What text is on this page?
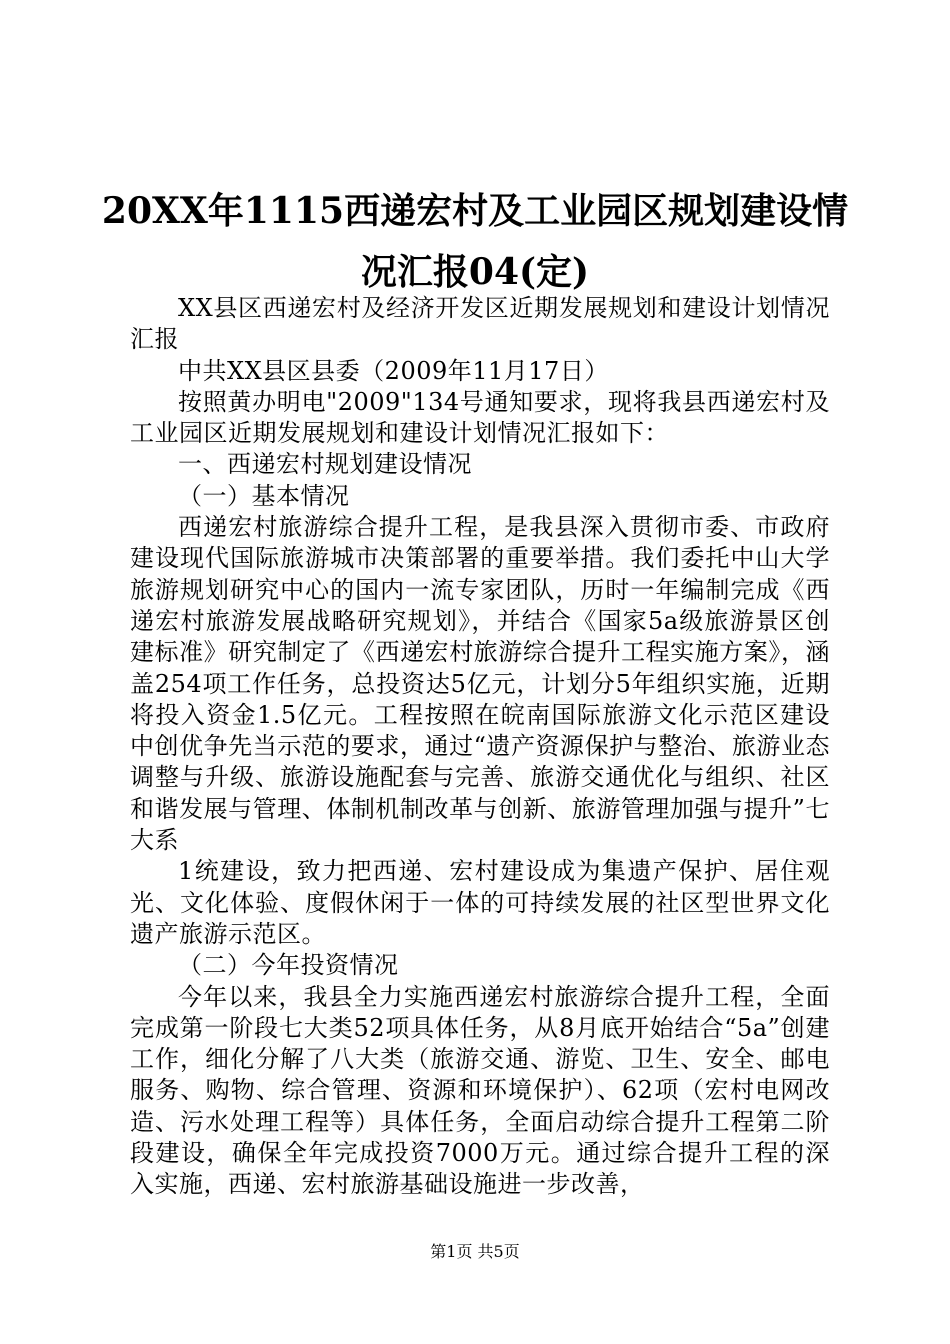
20XX年1115西递宏村及工业园区规划建设情
况汇报04(定)

XX县区西递宏村及经济开发区近期发展规划和建设计划情况汇报

中共XX县区县委（2009年11月17日）

按照黄办明电"2009"134号通知要求，现将我县西递宏村及工业园区近期发展规划和建设计划情况汇报如下：

一、西递宏村规划建设情况

（一）基本情况

西递宏村旅游综合提升工程，是我县深入贯彻市委、市政府建设现代国际旅游城市决策部署的重要举措。我们委托中山大学旅游规划研究中心的国内一流专家团队，历时一年编制完成《西递宏村旅游发展战略研究规划》，并结合《国家5a级旅游景区创建标准》研究制定了《西递宏村旅游综合提升工程实施方案》，涵盖254项工作任务，总投资达5亿元，计划分5年组织实施，近期将投入资金1.5亿元。工程按照在皖南国际旅游文化示范区建设中创优争先当示范的要求，通过“遗产资源保护与整治、旅游业态调整与升级、旅游设施配套与完善、旅游交通优化与组织、社区和谐发展与管理、体制机制改革与创新、旅游管理加强与提升”七大系

1统建设，致力把西递、宏村建设成为集遗产保护、居住观光、文化体验、度假休闲于一体的可持续发展的社区型世界文化遗产旅游示范区。

（二）今年投资情况

今年以来，我县全力实施西递宏村旅游综合提升工程，全面完成第一阶段七大类52项具体任务，从8月底开始结合“5a”创建工作，细化分解了八大类（旅游交通、游览、卫生、安全、邮电服务、购物、综合管理、资源和环境保护）、62项（宏村电网改造、污水处理工程等）具体任务，全面启动综合提升工程第二阶段建设，确保全年完成投资7000万元。通过综合提升工程的深入实施，西递、宏村旅游基础设施进一步改善，

第1页 共5页
